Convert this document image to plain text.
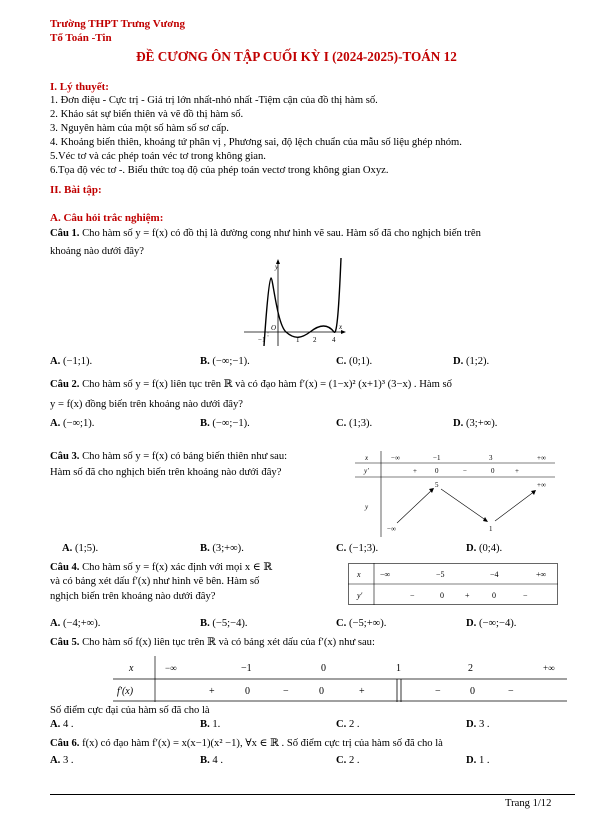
Trường THPT Trưng Vương
Tổ Toán -Tin
ĐỀ CƯƠNG ÔN TẬP CUỐI KỲ I (2024-2025)-TOÁN 12
I. Lý thuyết:
1. Đơn điệu - Cực trị - Giá trị lớn nhất-nhỏ nhất -Tiệm cận của đồ thị hàm số.
2. Khảo sát sự biến thiên và vẽ đồ thị hàm số.
3. Nguyên hàm của một số hàm số sơ cấp.
4. Khoảng biến thiên, khoảng tứ phân vị , Phương sai, độ lệch chuẩn của mẫu số liệu ghép nhóm.
5.Véc tơ và các phép toán véc tơ trong không gian.
6.Tọa độ véc tơ -. Biểu thức toạ độ của phép toán vectơ trong không gian Oxyz.
II. Bài tập:
A. Câu hỏi trắc nghiệm:
Câu 1. Cho hàm số y = f(x) có đồ thị là đường cong như hình vẽ sau. Hàm số đã cho nghịch biến trên
khoảng nào dưới đây?
y
x
O
−1	1 2 4
A. (−1;1).	B. (−∞;−1).	C. (0;1).	D. (1;2).
Câu 2. Cho hàm số y = f(x) liên tục trên ℝ và có đạo hàm f′(x) = (1−x)² (x+1)³ (3−x) . Hàm số
y = f(x) đồng biến trên khoảng nào dưới đây?
A. (−∞;1).	B. (−∞;−1).	C. (1;3).	D. (3;+∞).
Câu 3. Cho hàm số y = f(x) có bảng biến thiên như sau:
Hàm số đã cho nghịch biến trên khoảng nào dưới đây?
x	−∞	−1	3	+∞
y′	+	0	−	0	+
y
5	+∞
−∞	1
A. (1;5).	B. (3;+∞).	C. (−1;3).	D. (0;4).
Câu 4. Cho hàm số y = f(x) xác định với mọi x ∈ ℝ
và có bảng xét dấu f′(x) như hình vẽ bên. Hàm số
nghịch biến trên khoảng nào dưới đây?
x −∞	−5	−4	+∞
y′	−	0	+	0	−
A. (−4;+∞).	B. (−5;−4).	C. (−5;+∞).	D. (−∞;−4).
Câu 5. Cho hàm số f(x) liên tục trên ℝ và có bảng xét dấu của f′(x) như sau:
x	−∞	−1	0	1	2	+∞
f′(x)	+	0	−	0	+	−	0	−
Số điểm cực đại của hàm số đã cho là
A. 4 .	B. 1.	C. 2 .	D. 3 .
Câu 6. f(x) có đạo hàm f′(x) = x(x−1)(x² −1), ∀x ∈ ℝ . Số điểm cực trị của hàm số đã cho là
A. 3 .	B. 4 .	C. 2 .	D. 1 .
Trang 1/12
